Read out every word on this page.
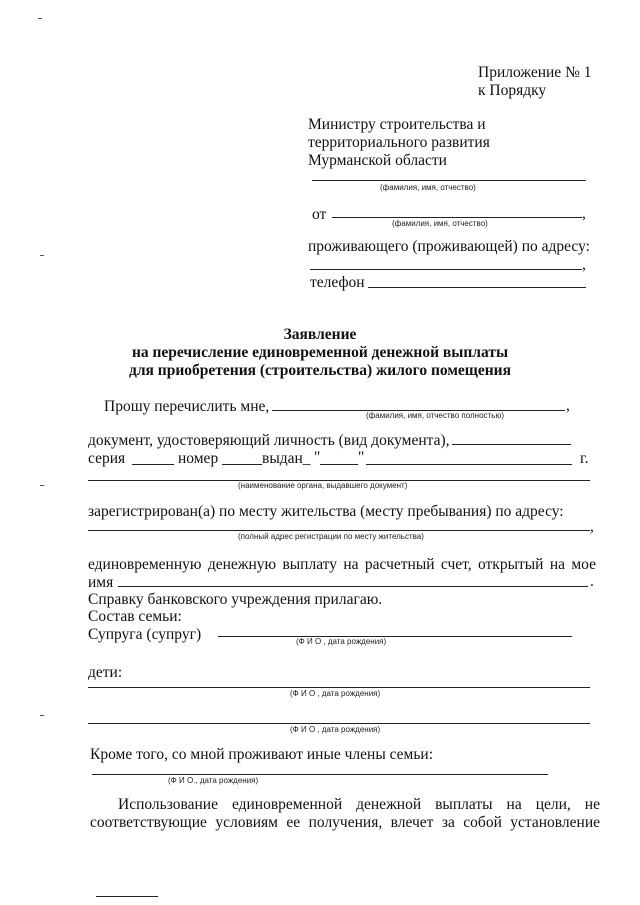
Приложение № 1
к Порядку
Министру строительства и
территориального развития
Мурманской области
(фамилия, имя, отчество)
от	,
(фамилия, имя, отчество)
проживающего (проживающей) по адресу:
,
телефон
Заявление
на перечисление единовременной денежной выплаты
для приобретения (строительства) жилого помещения
Прошу перечислить мне,	,
(фамилия, имя, отчество полностью)
документ, удостоверяющий личность (вид документа),
серия	номер	выдан_ " "	г.
(наименование органа, выдавшего документ)
зарегистрирован(а) по месту жительства (месту пребывания) по адресу:
,
(полный адрес регистрации по месту жительства)
единовременную денежную выплату на расчетный счет, открытый на мое
имя	.
Справку банковского учреждения прилагаю.
Состав семьи:
Супруга (супруг)	(Ф И О , дата рождения)
дети:
(Ф И О , дата рождения)
(Ф И О , дата рождения)
Кроме того, со мной проживают иные члены семьи:
(Ф И О., дата рождения)
Использование единовременной денежной выплаты на цели, не
соответствующие условиям ее получения, влечет за собой установление
